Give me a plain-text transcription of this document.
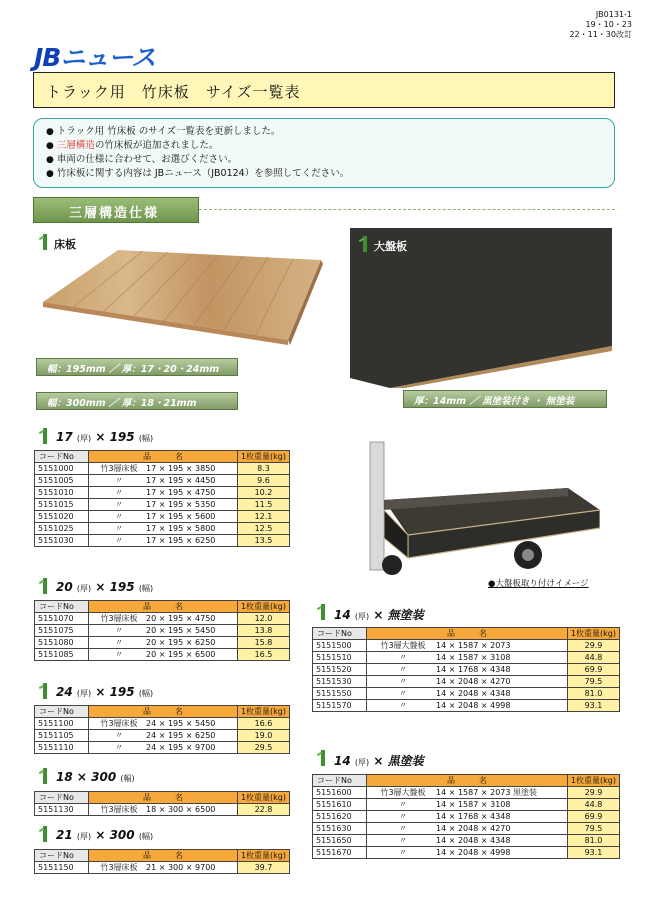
JB0131-1
19・10・23
22・11・30改訂
JBニュース
トラック用　竹床板　サイズ一覧表
● トラック用 竹床板 のサイズ一覧表を更新しました。
● 三層構造の竹床板が追加されました。
● 車両の仕様に合わせて、お選びください。
● 竹床板に関する内容は JBニュース（JB0124）を参照してください。
三層構造仕様
床板	大盤板
幅：195mm ／ 厚：17・20・24mm
幅：300mm ／ 厚：18・21mm	厚：14mm ／ 黒塗装付き ・ 無塗装
●大盤板取り付けイメージ
17 (厚) × 195 (幅)
コードNo	品　　　名	1枚重量(kg)
5151000	竹3層床板 17 × 195 × 3850	8.3
5151005	〃 17 × 195 × 4450	9.6
5151010	〃 17 × 195 × 4750	10.2
5151015	〃 17 × 195 × 5350	11.5
5151020	〃 17 × 195 × 5600	12.1
5151025	〃 17 × 195 × 5800	12.5
5151030	〃 17 × 195 × 6250	13.5
20 (厚) × 195 (幅)
コードNo	品　　　名	1枚重量(kg)
5151070	竹3層床板 20 × 195 × 4750	12.0
5151075	〃 20 × 195 × 5450	13.8
5151080	〃 20 × 195 × 6250	15.8
5151085	〃 20 × 195 × 6500	16.5
24 (厚) × 195 (幅)
コードNo	品　　　名	1枚重量(kg)
5151100	竹3層床板 24 × 195 × 5450	16.6
5151105	〃 24 × 195 × 6250	19.0
5151110	〃 24 × 195 × 9700	29.5
18 × 300 (幅)
コードNo	品　　　名	1枚重量(kg)
5151130	竹3層床板 18 × 300 × 6500	22.8
21 (厚) × 300 (幅)
コードNo	品　　　名	1枚重量(kg)
5151150	竹3層床板 21 × 300 × 9700	39.7
14 (厚) × 無塗装
コードNo	品　　　名	1枚重量(kg)
5151500	竹3層大盤板 14 × 1587 × 2073	29.9
5151510	〃 14 × 1587 × 3108	44.8
5151520	〃 14 × 1768 × 4348	69.9
5151530	〃 14 × 2048 × 4270	79.5
5151550	〃 14 × 2048 × 4348	81.0
5151570	〃 14 × 2048 × 4998	93.1
14 (厚) × 黒塗装
コードNo	品　　　名	1枚重量(kg)
5151600	竹3層大盤板 14 × 1587 × 2073 黒塗装	29.9
5151610	〃 14 × 1587 × 3108	44.8
5151620	〃 14 × 1768 × 4348	69.9
5151630	〃 14 × 2048 × 4270	79.5
5151650	〃 14 × 2048 × 4348	81.0
5151670	〃 14 × 2048 × 4998	93.1
